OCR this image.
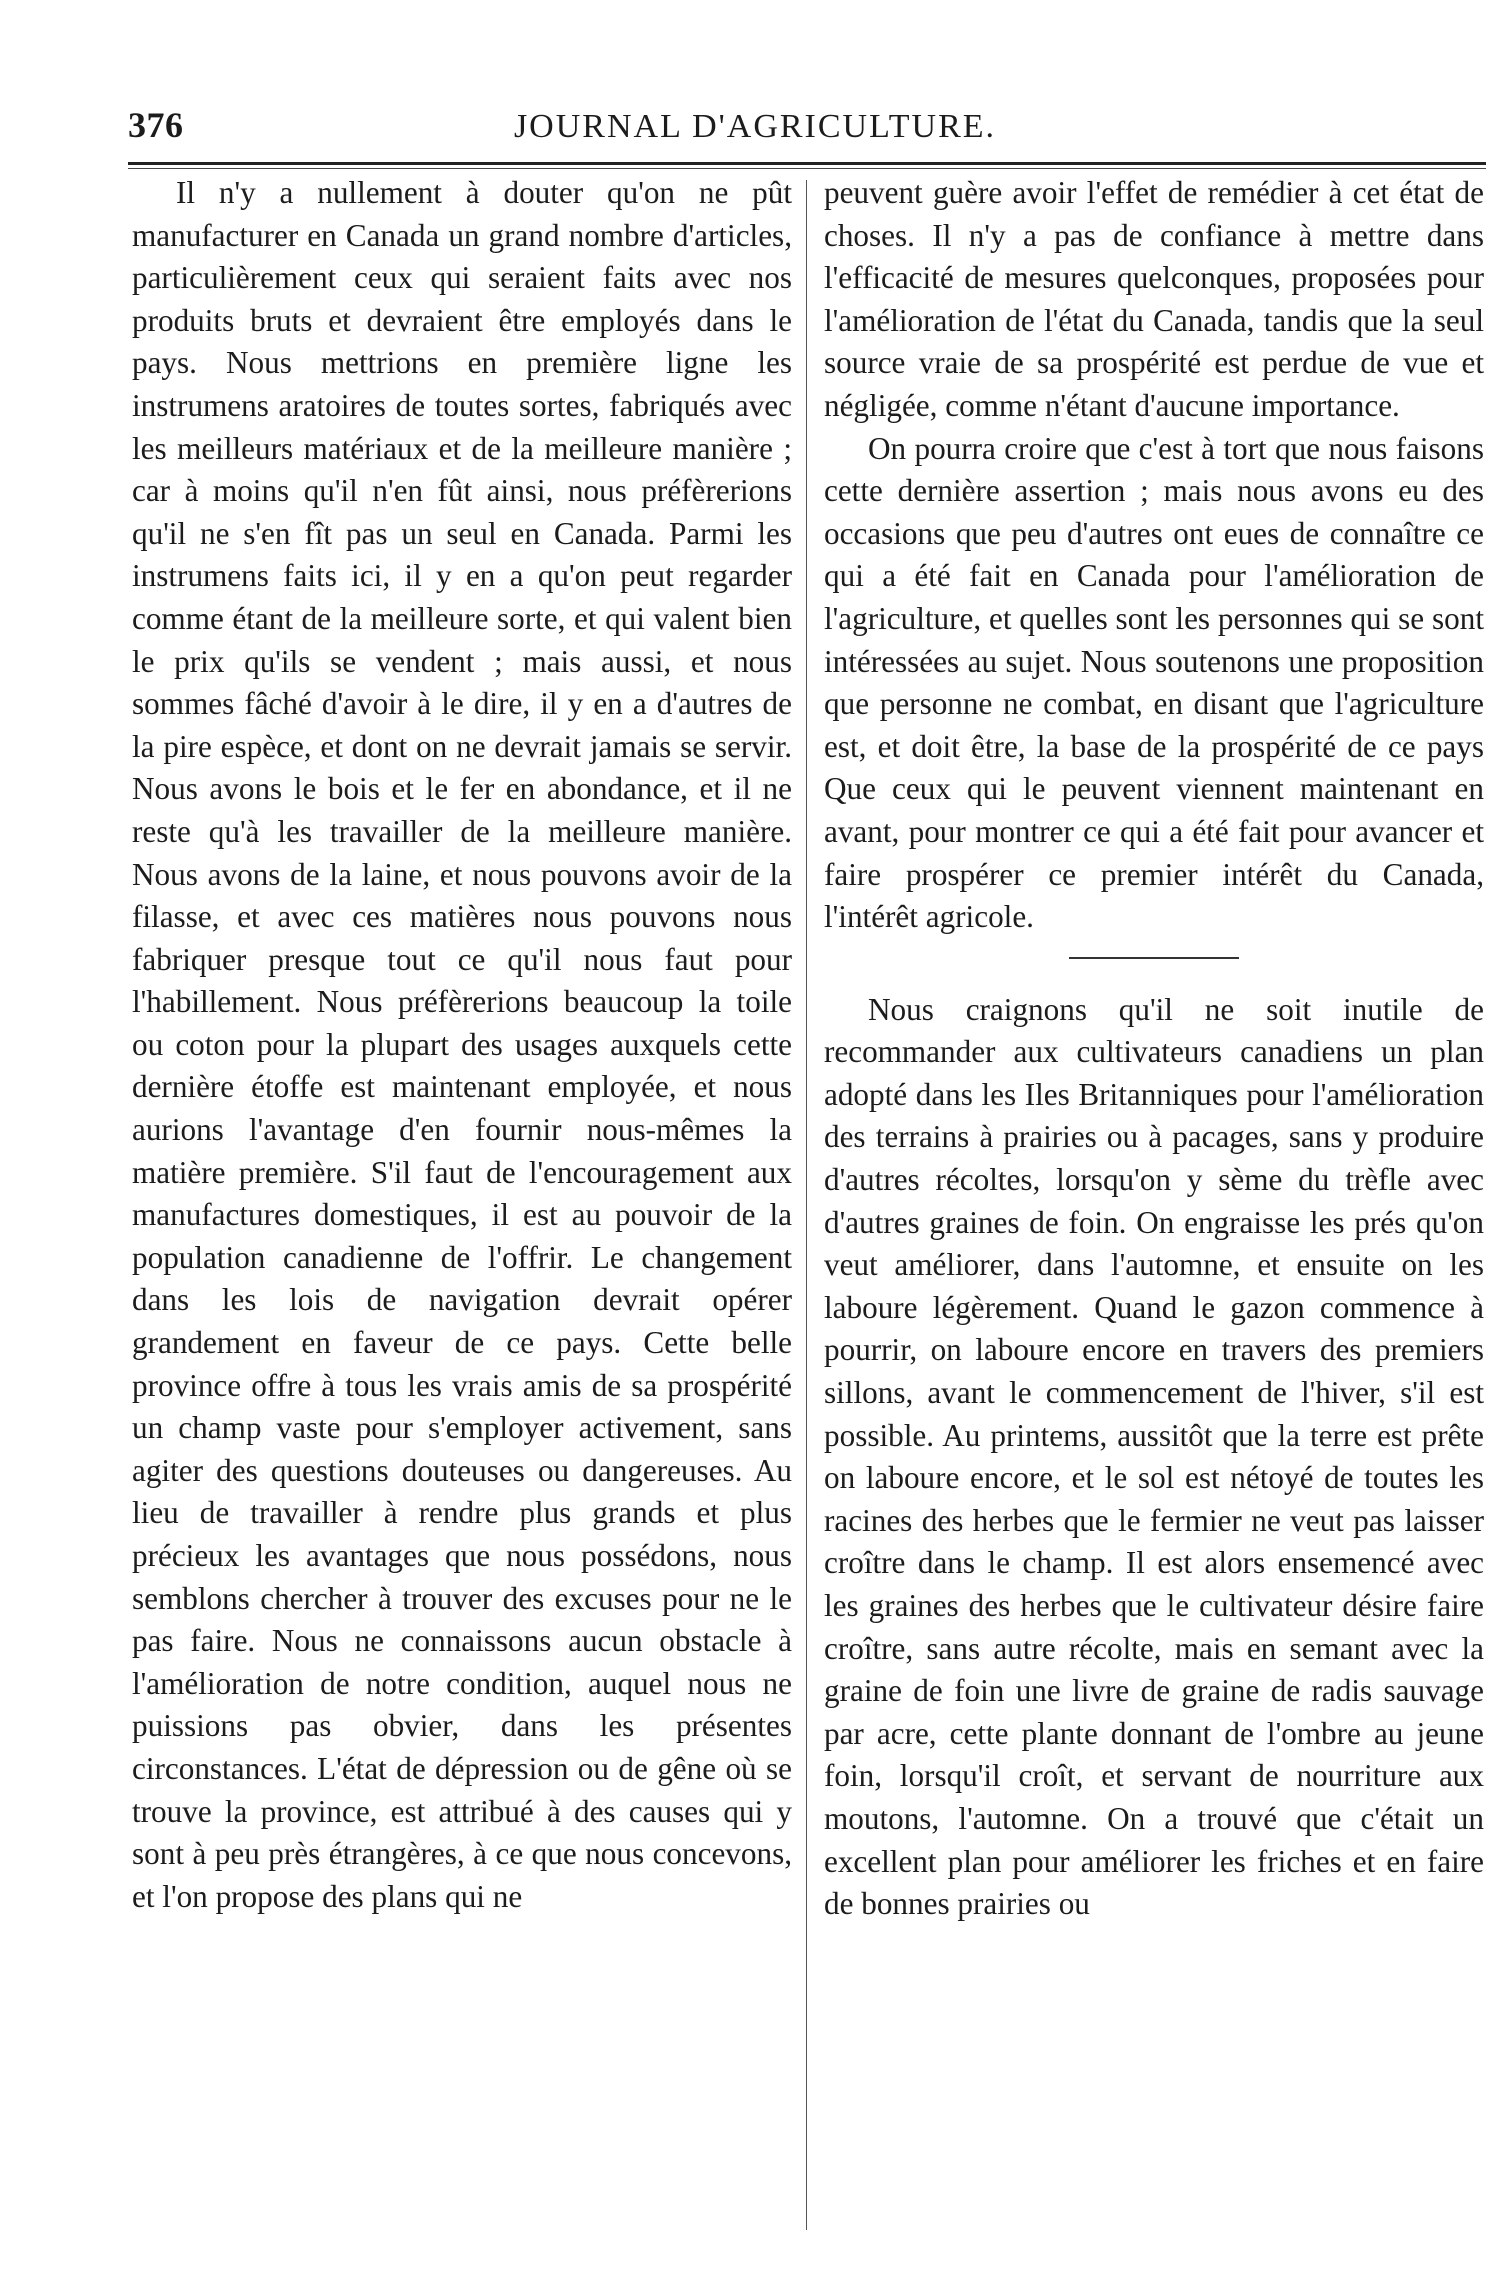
376	JOURNAL D'AGRICULTURE.

Il n'y a nullement à douter qu'on ne pût manufacturer en Canada un grand nombre d'articles, particulièrement ceux qui seraient faits avec nos produits bruts et devraient être employés dans le pays. Nous mettrions en première ligne les instrumens aratoires de toutes sortes, fabriqués avec les meilleurs matériaux et de la meilleure manière ; car à moins qu'il n'en fût ainsi, nous préfèrerions qu'il ne s'en fît pas un seul en Canada. Parmi les instrumens faits ici, il y en a qu'on peut regarder comme étant de la meilleure sorte, et qui valent bien le prix qu'ils se vendent ; mais aussi, et nous sommes fâché d'avoir à le dire, il y en a d'autres de la pire espèce, et dont on ne devrait jamais se servir. Nous avons le bois et le fer en abondance, et il ne reste qu'à les travailler de la meilleure manière. Nous avons de la laine, et nous pouvons avoir de la filasse, et avec ces matières nous pouvons nous fabriquer presque tout ce qu'il nous faut pour l'habillement. Nous préfèrerions beaucoup la toile ou coton pour la plupart des usages auxquels cette dernière étoffe est maintenant employée, et nous aurions l'avantage d'en fournir nous-mêmes la matière première. S'il faut de l'encouragement aux manufactures domestiques, il est au pouvoir de la population canadienne de l'offrir. Le changement dans les lois de navigation devrait opérer grandement en faveur de ce pays. Cette belle province offre à tous les vrais amis de sa prospérité un champ vaste pour s'employer activement, sans agiter des questions douteuses ou dangereuses. Au lieu de travailler à rendre plus grands et plus précieux les avantages que nous possédons, nous semblons chercher à trouver des excuses pour ne le pas faire. Nous ne connaissons aucun obstacle à l'amélioration de notre condition, auquel nous ne puissions pas obvier, dans les présentes circonstances. L'état de dépression ou de gêne où se trouve la province, est attribué à des causes qui y sont à peu près étrangères, à ce que nous concevons, et l'on propose des plans qui ne

peuvent guère avoir l'effet de remédier à cet état de choses. Il n'y a pas de confiance à mettre dans l'efficacité de mesures quelconques, proposées pour l'amélioration de l'état du Canada, tandis que la seul source vraie de sa prospérité est perdue de vue et négligée, comme n'étant d'aucune importance.

On pourra croire que c'est à tort que nous faisons cette dernière assertion ; mais nous avons eu des occasions que peu d'autres ont eues de connaître ce qui a été fait en Canada pour l'amélioration de l'agriculture, et quelles sont les personnes qui se sont intéressées au sujet. Nous soutenons une proposition que personne ne combat, en disant que l'agriculture est, et doit être, la base de la prospérité de ce pays Que ceux qui le peuvent viennent maintenant en avant, pour montrer ce qui a été fait pour avancer et faire prospérer ce premier intérêt du Canada, l'intérêt agricole.

Nous craignons qu'il ne soit inutile de recommander aux cultivateurs canadiens un plan adopté dans les Iles Britanniques pour l'amélioration des terrains à prairies ou à pacages, sans y produire d'autres récoltes, lorsqu'on y sème du trèfle avec d'autres graines de foin. On engraisse les prés qu'on veut améliorer, dans l'automne, et ensuite on les laboure légèrement. Quand le gazon commence à pourrir, on laboure encore en travers des premiers sillons, avant le commencement de l'hiver, s'il est possible. Au printems, aussitôt que la terre est prête on laboure encore, et le sol est nétoyé de toutes les racines des herbes que le fermier ne veut pas laisser croître dans le champ. Il est alors ensemencé avec les graines des herbes que le cultivateur désire faire croître, sans autre récolte, mais en semant avec la graine de foin une livre de graine de radis sauvage par acre, cette plante donnant de l'ombre au jeune foin, lorsqu'il croît, et servant de nourriture aux moutons, l'automne. On a trouvé que c'était un excellent plan pour améliorer les friches et en faire de bonnes prairies ou
